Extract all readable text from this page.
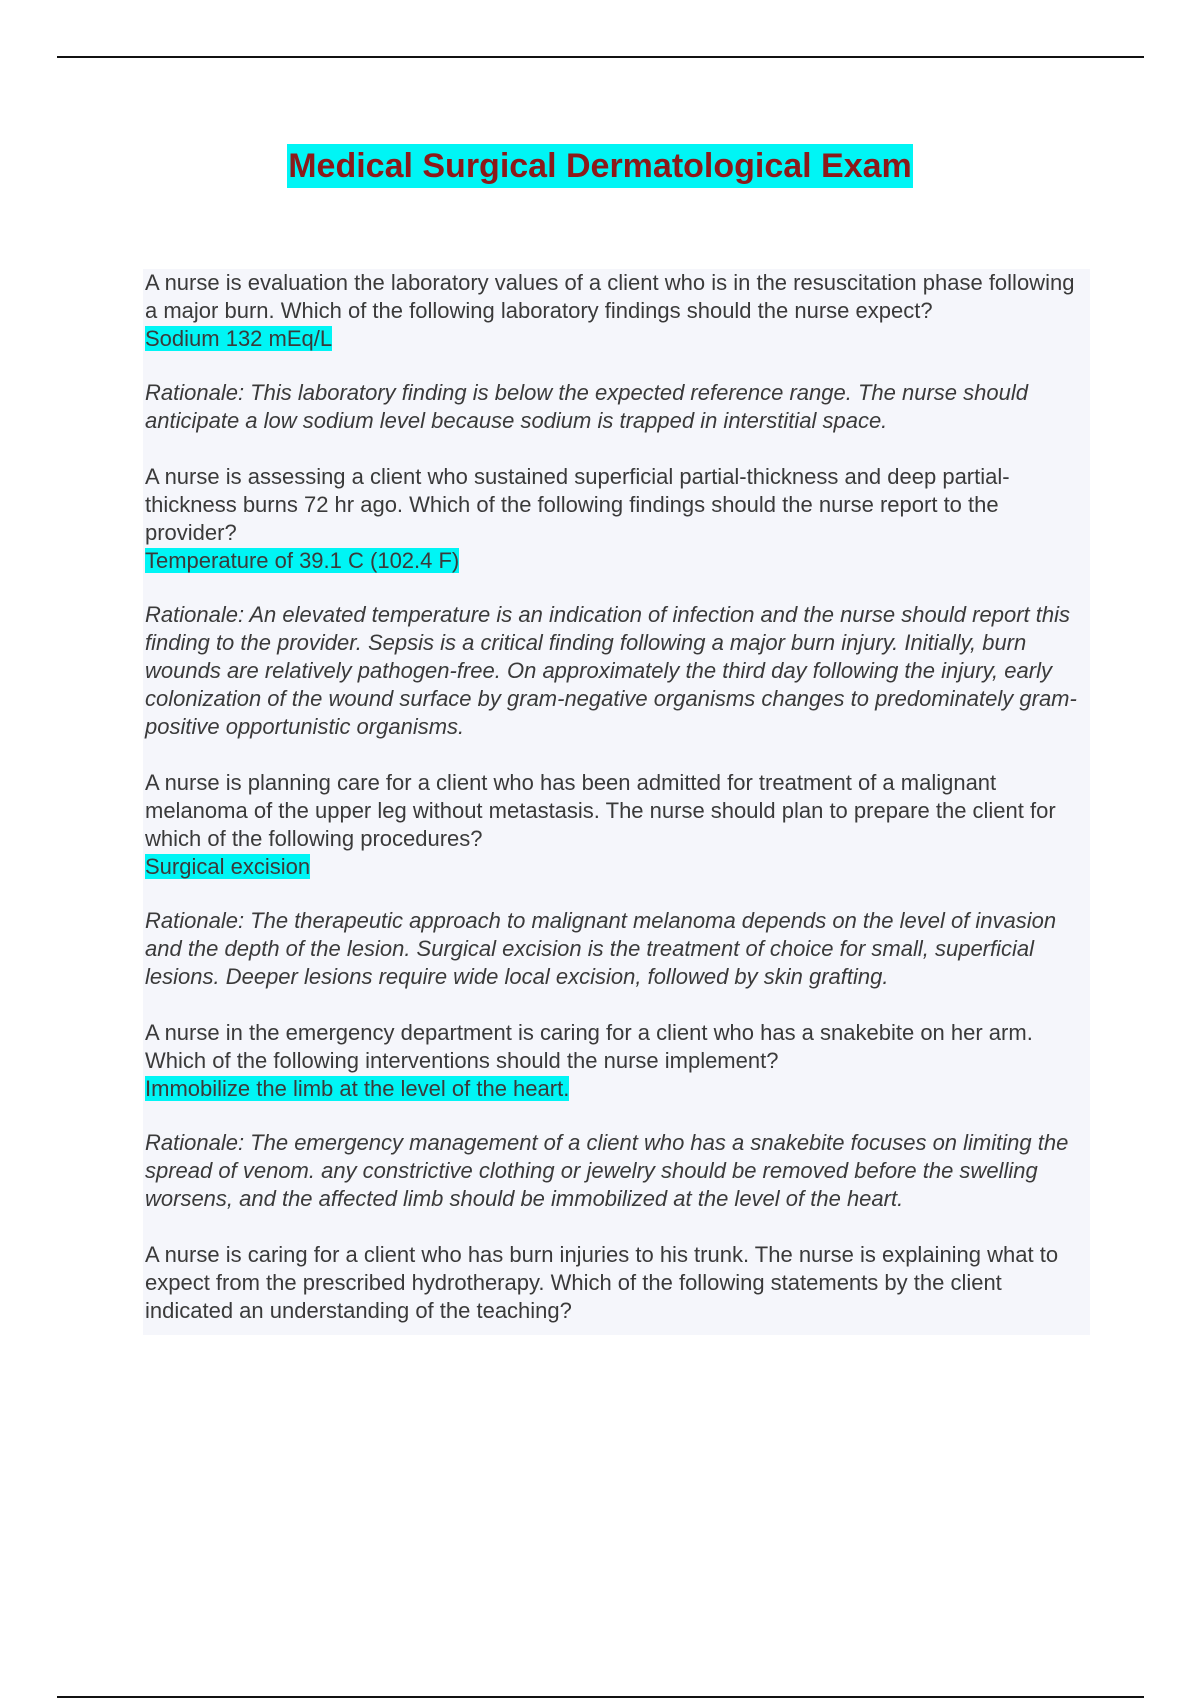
Medical Surgical Dermatological Exam

A nurse is evaluation the laboratory values of a client who is in the resuscitation phase following a major burn. Which of the following laboratory findings should the nurse expect?

Sodium 132 mEq/L

Rationale: This laboratory finding is below the expected reference range. The nurse should anticipate a low sodium level because sodium is trapped in interstitial space.

A nurse is assessing a client who sustained superficial partial-thickness and deep partial-thickness burns 72 hr ago. Which of the following findings should the nurse report to the provider?

Temperature of 39.1 C (102.4 F)

Rationale: An elevated temperature is an indication of infection and the nurse should report this finding to the provider. Sepsis is a critical finding following a major burn injury. Initially, burn wounds are relatively pathogen-free. On approximately the third day following the injury, early colonization of the wound surface by gram-negative organisms changes to predominately gram-positive opportunistic organisms.

A nurse is planning care for a client who has been admitted for treatment of a malignant melanoma of the upper leg without metastasis. The nurse should plan to prepare the client for which of the following procedures?

Surgical excision

Rationale: The therapeutic approach to malignant melanoma depends on the level of invasion and the depth of the lesion. Surgical excision is the treatment of choice for small, superficial lesions. Deeper lesions require wide local excision, followed by skin grafting.

A nurse in the emergency department is caring for a client who has a snakebite on her arm. Which of the following interventions should the nurse implement?

Immobilize the limb at the level of the heart.

Rationale: The emergency management of a client who has a snakebite focuses on limiting the spread of venom. any constrictive clothing or jewelry should be removed before the swelling worsens, and the affected limb should be immobilized at the level of the heart.

A nurse is caring for a client who has burn injuries to his trunk. The nurse is explaining what to expect from the prescribed hydrotherapy. Which of the following statements by the client indicated an understanding of the teaching?
